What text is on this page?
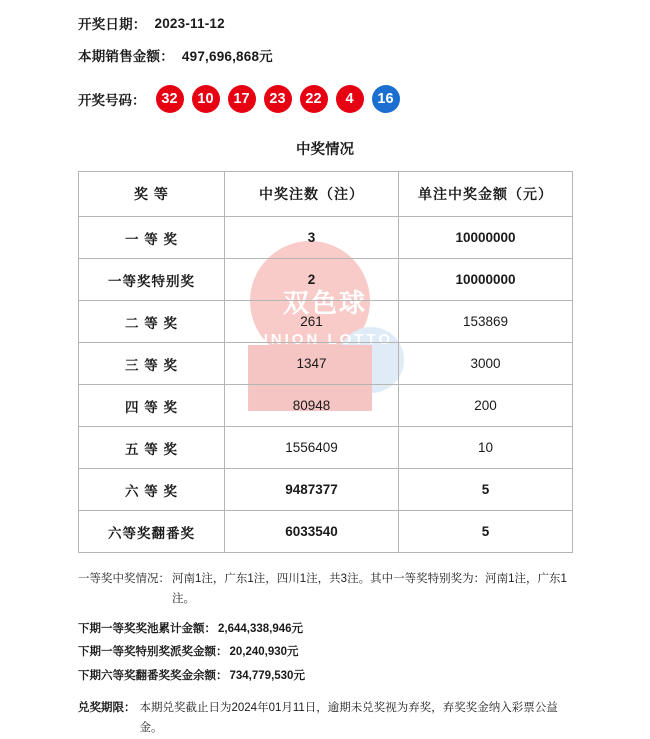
开奖日期： 2023-11-12
本期销售金额： 497,696,868元
开奖号码：	32	10	17	23	22	4	16
中奖情况
双色球
UNION LOTTO
奖 等	中奖注数（注）	单注中奖金额（元）
一 等 奖	3	10000000
一等奖特别奖	2	10000000
二 等 奖	261	153869
三 等 奖	1347	3000
四 等 奖	80948	200
五 等 奖	1556409	10
六 等 奖	9487377	5
六等奖翻番奖	6033540	5
一等奖中奖情况： 河南1注，广东1注，四川1注，共3注。其中一等奖特别奖为：河南1注，广东1注。
下期一等奖奖池累计金额： 2,644,338,946元
下期一等奖特别奖派奖金额： 20,240,930元
下期六等奖翻番奖奖金余额： 734,779,530元
兑奖期限： 本期兑奖截止日为2024年01月11日，逾期未兑奖视为弃奖，弃奖奖金纳入彩票公益金。
